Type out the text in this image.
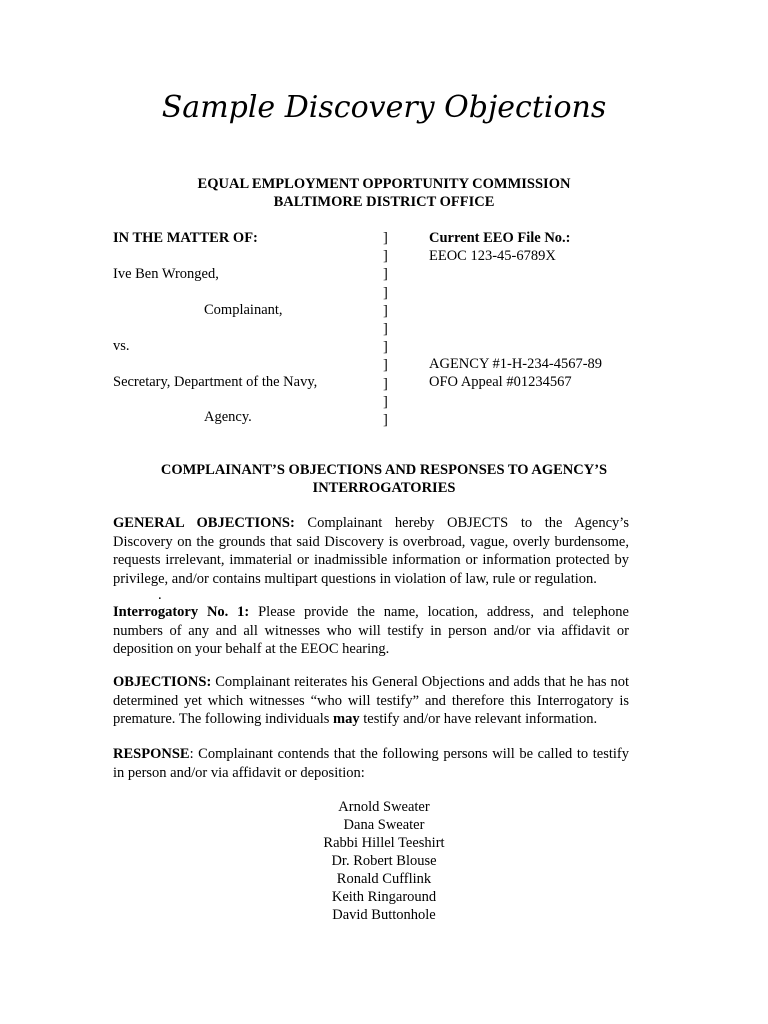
Sample Discovery Objections
EQUAL EMPLOYMENT OPPORTUNITY COMMISSION
BALTIMORE DISTRICT OFFICE
IN THE MATTER OF:
Ive Ben Wronged,
Complainant,
vs.
Secretary, Department of the Navy,
Agency.
]
]
]
]
]
]
]
]
]
]
]
Current EEO File No.:
EEOC 123-45-6789X
AGENCY #1-H-234-4567-89
OFO Appeal #01234567
COMPLAINANT’S OBJECTIONS AND RESPONSES TO AGENCY’S
INTERROGATORIES
GENERAL OBJECTIONS: Complainant hereby OBJECTS to the Agency’s Discovery on the grounds that said Discovery is overbroad, vague, overly burdensome, requests irrelevant, immaterial or inadmissible information or information protected by privilege, and/or contains multipart questions in violation of law, rule or regulation.
.
Interrogatory No. 1: Please provide the name, location, address, and telephone numbers of any and all witnesses who will testify in person and/or via affidavit or deposition on your behalf at the EEOC hearing.
OBJECTIONS: Complainant reiterates his General Objections and adds that he has not determined yet which witnesses “who will testify” and therefore this Interrogatory is premature. The following individuals may testify and/or have relevant information.
RESPONSE: Complainant contends that the following persons will be called to testify in person and/or via affidavit or deposition:
Arnold Sweater
Dana Sweater
Rabbi Hillel Teeshirt
Dr. Robert Blouse
Ronald Cufflink
Keith Ringaround
David Buttonhole
